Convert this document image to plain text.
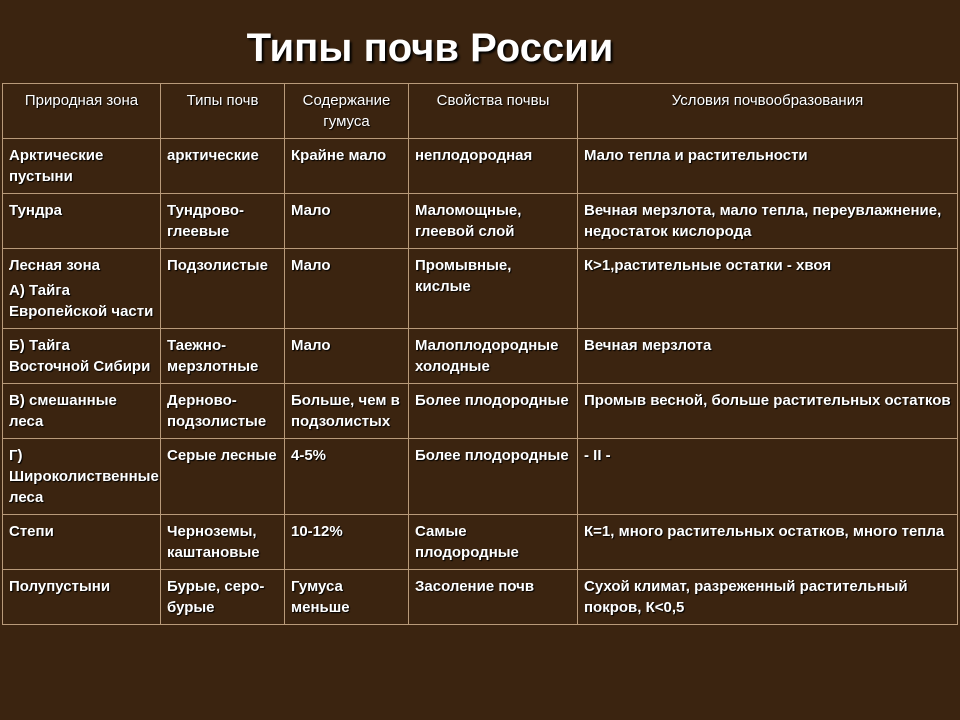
Типы почв России
Природная зона	Типы почв	Содержание гумуса	Свойства почвы	Условия почвообразования
Арктические пустыни	арктические	Крайне мало	неплодородная	Мало тепла и растительности
Тундра	Тундрово-глеевые	Мало	Маломощные, глеевой слой	Вечная мерзлота, мало тепла, переувлажнение, недостаток кислорода

Лесная зона
А) Тайга Европейской части	Подзолистые	Мало	Промывные, кислые	К>1,растительные остатки - хвоя
Б) Тайга Восточной Сибири	Таежно-мерзлотные	Мало	Малоплодородные холодные	Вечная мерзлота
В) смешанные леса	Дерново-подзолистые	Больше, чем в подзолистых	Более плодородные	Промыв весной, больше растительных остатков
Г) Широколиственные леса	Серые лесные	4-5%	Более плодородные	- II -
Степи	Черноземы, каштановые	10-12%	Самые плодородные	К=1, много растительных остатков, много тепла
Полупустыни	Бурые, серо-бурые	Гумуса меньше	Засоление почв	Сухой климат, разреженный растительный покров, К<0,5
